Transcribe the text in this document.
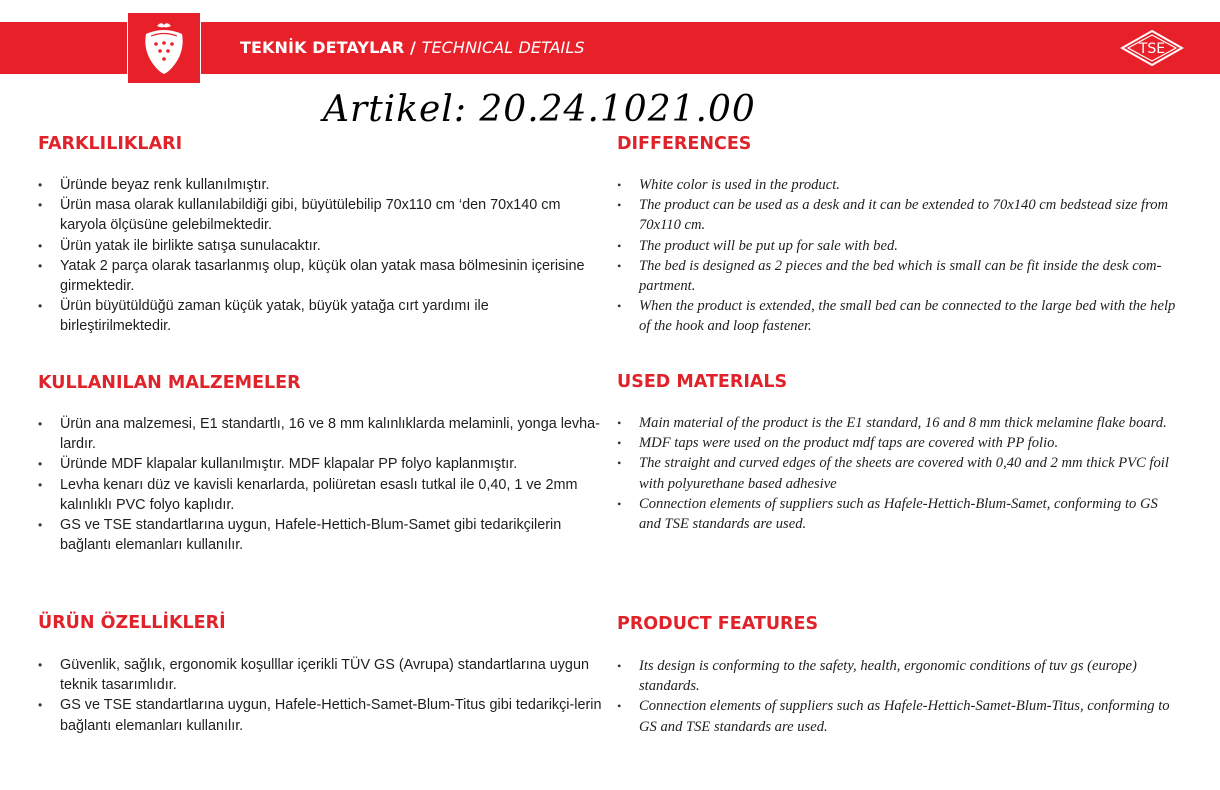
TEKNİK DETAYLAR / TECHNICAL DETAILS	TSE
Artikel: 20.24.1021.00
FARKLILIKLARI	DIFFERENCES
• Üründe beyaz renk kullanılmıştır.
• Ürün masa olarak kullanılabildiği gibi, büyütülebilip 70x110 cm ‘den 70x140 cm karyola ölçüsüne gelebilmektedir.
• Ürün yatak ile birlikte satışa sunulacaktır.
• Yatak 2 parça olarak tasarlanmış olup, küçük olan yatak masa bölmesinin içerisine girmektedir.
• Ürün büyütüldüğü zaman küçük yatak, büyük yatağa cırt yardımı ile birleştirilmektedir.
• White color is used in the product.
• The product can be used as a desk and it can be extended to 70x140 cm bedstead size from 70x110 cm.
• The product will be put up for sale with bed.
• The bed is designed as 2 pieces and the bed which is small can be fit inside the desk com-partment.
• When the product is extended, the small bed can be connected to the large bed with the help of the hook and loop fastener.
KULLANILAN MALZEMELER	USED MATERIALS
• Ürün ana malzemesi, E1 standartlı, 16 ve 8 mm kalınlıklarda melaminli, yonga levha-lardır.
• Üründe MDF klapalar kullanılmıştır. MDF klapalar PP folyo kaplanmıştır.
• Levha kenarı düz ve kavisli kenarlarda, poliüretan esaslı tutkal ile 0,40, 1 ve 2mm kalınlıklı PVC folyo kaplıdır.
• GS ve TSE standartlarına uygun, Hafele-Hettich-Blum-Samet gibi tedarikçilerin bağlantı elemanları kullanılır.
• Main material of the product is the E1 standard, 16 and 8 mm thick melamine flake board.
• MDF taps were used on the product mdf taps are covered with PP folio.
• The straight and curved edges of the sheets are covered with 0,40 and 2 mm thick PVC foil with polyurethane based adhesive
• Connection elements of suppliers such as Hafele-Hettich-Blum-Samet, conforming to GS and TSE standards are used.
ÜRÜN ÖZELLİKLERİ	PRODUCT FEATURES
• Güvenlik, sağlık, ergonomik koşulllar içerikli TÜV GS (Avrupa) standartlarına uygun teknik tasarımlıdır.
• GS ve TSE standartlarına uygun, Hafele-Hettich-Samet-Blum-Titus gibi tedarikçi-lerin bağlantı elemanları kullanılır.
• Its design is conforming to the safety, health, ergonomic conditions of tuv gs (europe) standards.
• Connection elements of suppliers such as Hafele-Hettich-Samet-Blum-Titus, conforming to GS and TSE standards are used.
